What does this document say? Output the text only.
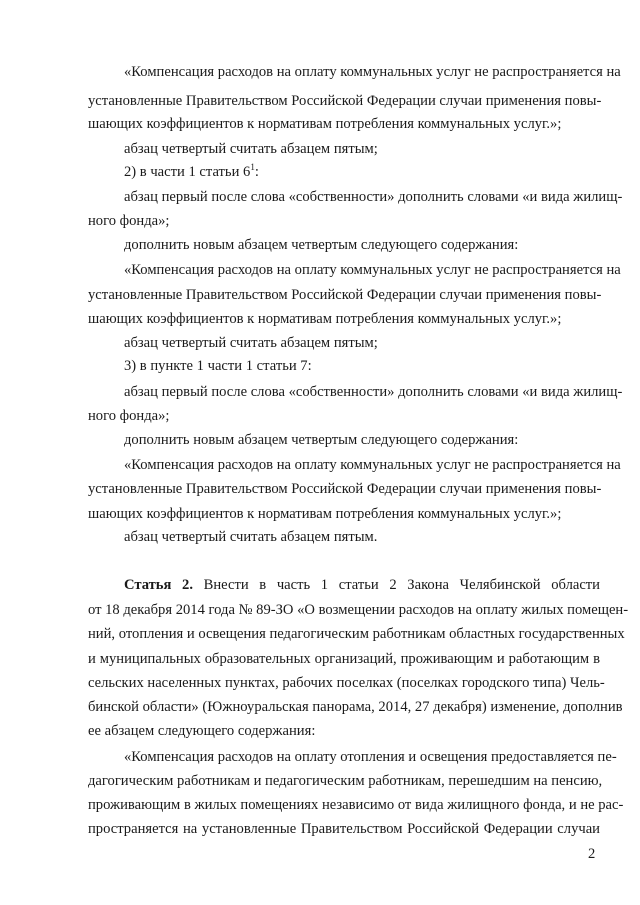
«Компенсация расходов на оплату коммунальных услуг не распространяется на
установленные Правительством Российской Федерации случаи применения повы-
шающих коэффициентов к нормативам потребления коммунальных услуг.»;
абзац четвертый считать абзацем пятым;
2) в части 1 статьи $6^1$:
абзац первый после слова «собственности» дополнить словами «и вида жилищ-
ного фонда»;
дополнить новым абзацем четвертым следующего содержания:
«Компенсация расходов на оплату коммунальных услуг не распространяется на
установленные Правительством Российской Федерации случаи применения повы-
шающих коэффициентов к нормативам потребления коммунальных услуг.»;
абзац четвертый считать абзацем пятым;
3) в пункте 1 части 1 статьи 7:
абзац первый после слова «собственности» дополнить словами «и вида жилищ-
ного фонда»;
дополнить новым абзацем четвертым следующего содержания:
«Компенсация расходов на оплату коммунальных услуг не распространяется на
установленные Правительством Российской Федерации случаи применения повы-
шающих коэффициентов к нормативам потребления коммунальных услуг.»;
абзац четвертый считать абзацем пятым.
Статья 2. Внести в часть 1 статьи 2 Закона Челябинской области
от 18 декабря 2014 года № 89-ЗО «О возмещении расходов на оплату жилых помещен-
ний, отопления и освещения педагогическим работникам областных государственных
и муниципальных образовательных организаций, проживающим и работающим в
сельских населенных пунктах, рабочих поселках (поселках городского типа) Чель-
бинской области» (Южноуральская панорама, 2014, 27 декабря) изменение, дополнив
ее абзацем следующего содержания:
«Компенсация расходов на оплату отопления и освещения предоставляется пе-
дагогическим работникам и педагогическим работникам, перешедшим на пенсию,
проживающим в жилых помещениях независимо от вида жилищного фонда, и не рас-
пространяется на установленные Правительством Российской Федерации случаи
2
